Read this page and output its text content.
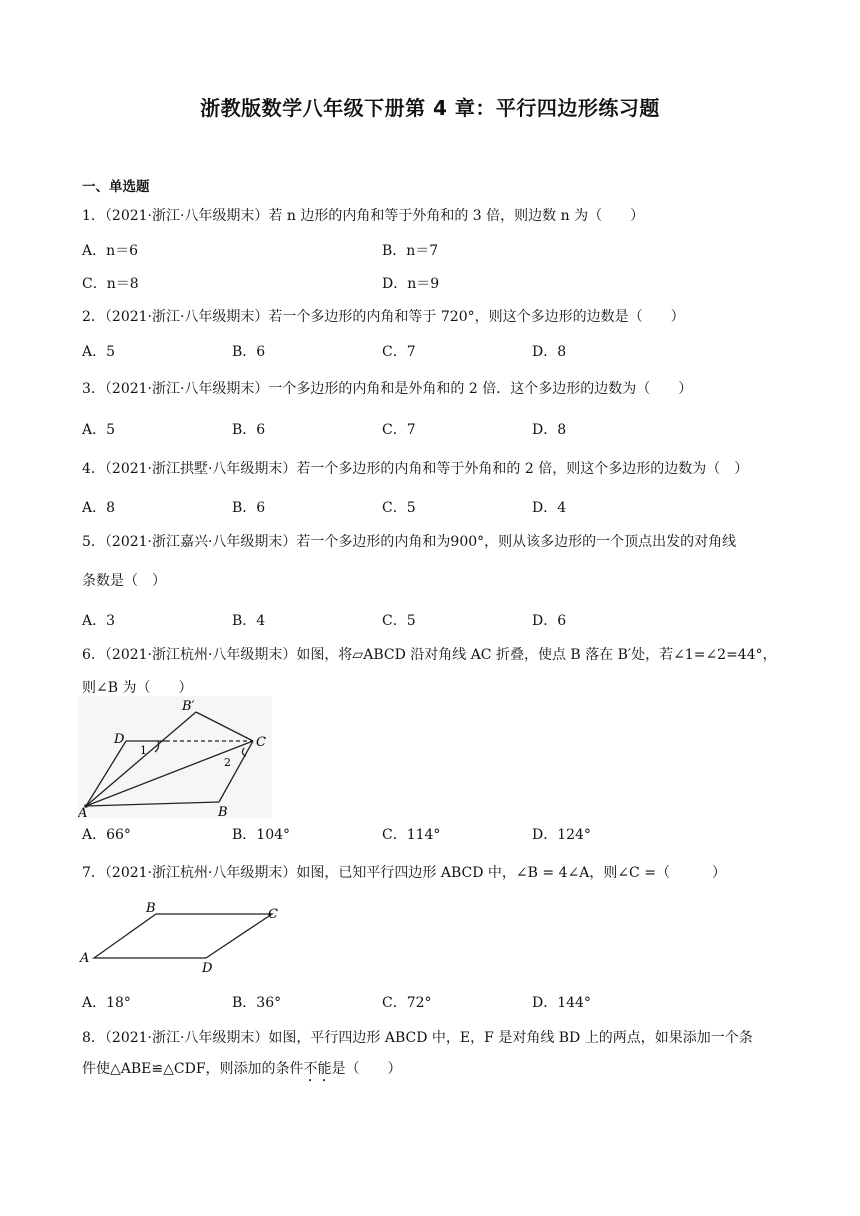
浙教版数学八年级下册第 4 章：平行四边形练习题
一、单选题
1．（2021·浙江·八年级期末）若 n 边形的内角和等于外角和的 3 倍，则边数 n 为（　　）
A．n＝6	B．n＝7
C．n＝8	D．n＝9
2．（2021·浙江·八年级期末）若一个多边形的内角和等于 720°，则这个多边形的边数是（　　）
A．5	B．6	C．7	D．8
3．（2021·浙江·八年级期末）一个多边形的内角和是外角和的 2 倍．这个多边形的边数为（　　）
A．5	B．6	C．7	D．8
4．（2021·浙江拱墅·八年级期末）若一个多边形的内角和等于外角和的 2 倍，则这个多边形的边数为（　）
A．8	B．6	C．5	D．4
5．（2021·浙江嘉兴·八年级期末）若一个多边形的内角和为900°，则从该多边形的一个顶点出发的对角线
条数是（　）
A．3	B．4	C．5	D．6
6．（2021·浙江杭州·八年级期末）如图，将▱ABCD 沿对角线 AC 折叠，使点 B 落在 B′处，若∠1=∠2=44°，
则∠B 为（　　）
D
B′
C
1
2
A	B
A．66°	B．104°	C．114°	D．124°
7．（2021·浙江杭州·八年级期末）如图，已知平行四边形 ABCD 中，∠B = 4∠A，则∠C =（　　　）
A
B	C
D
A．18°	B．36°	C．72°	D．144°
8．（2021·浙江·八年级期末）如图，平行四边形 ABCD 中，E，F 是对角线 BD 上的两点，如果添加一个条
件使△ABE≌△CDF，则添加的条件不能是（　　）
